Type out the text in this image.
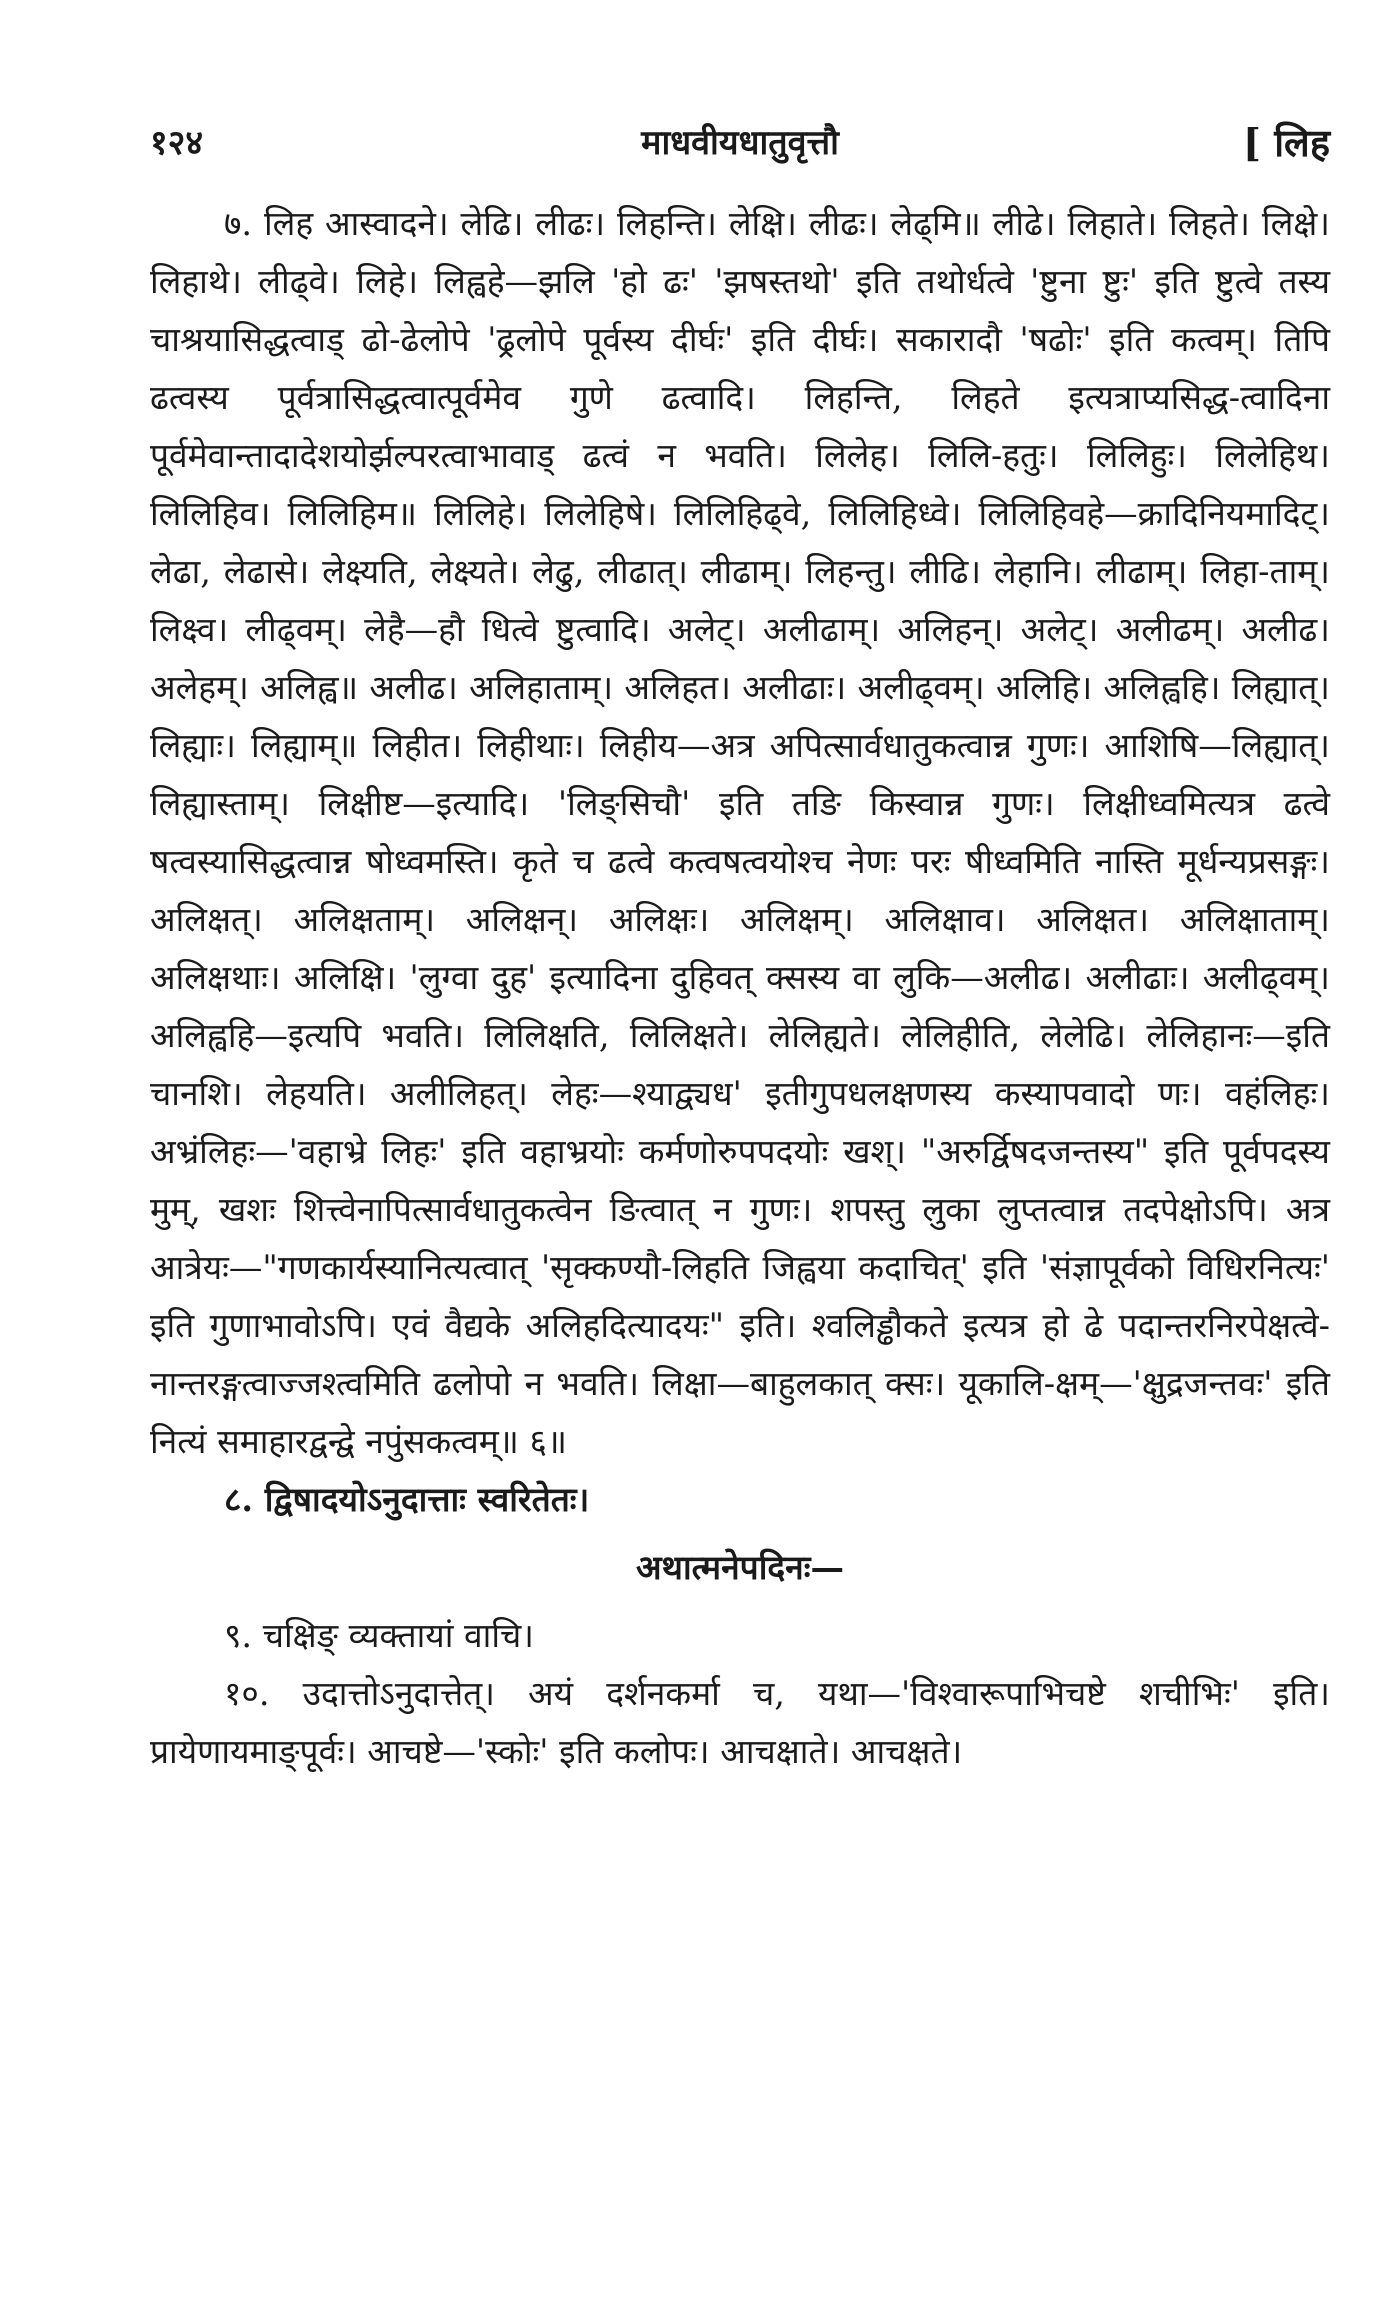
१२४	माधवीयधातुवृत्तौ	[ लिह

७. लिह आस्वादने। लेढि। लीढः। लिहन्ति। लेक्षि। लीढः। लेढ्मि॥ लीढे। लिहाते। लिहते। लिक्षे। लिहाथे। लीढ्वे। लिहे। लिह्वहे—झलि 'हो ढः' 'झषस्तथो' इति तथोर्धत्वे 'ष्टुना ष्टुः' इति ष्टुत्वे तस्य चाश्रयासिद्धत्वाड् ढो-ढेलोपे 'ढ्रलोपे पूर्वस्य दीर्घः' इति दीर्घः। सकारादौ 'षढोः' इति कत्वम्। तिपि ढत्वस्य पूर्वत्रासिद्धत्वात्पूर्वमेव गुणे ढत्वादि। लिहन्ति, लिहते इत्यत्राप्यसिद्ध-त्वादिना पूर्वमेवान्तादादेशयोर्झल्परत्वाभावाड् ढत्वं न भवति। लिलेह। लिलि-हतुः। लिलिहुः। लिलेहिथ। लिलिहिव। लिलिहिम॥ लिलिहे। लिलेहिषे। लिलिहिढ्वे, लिलिहिध्वे। लिलिहिवहे—क्रादिनियमादिट्। लेढा, लेढासे। लेक्ष्यति, लेक्ष्यते। लेढु, लीढात्। लीढाम्। लिहन्तु। लीढि। लेहानि। लीढाम्। लिहा-ताम्। लिक्ष्व। लीढ्वम्। लेहै—हौ धित्वे ष्टुत्वादि। अलेट्। अलीढाम्। अलिहन्। अलेट्। अलीढम्। अलीढ। अलेहम्। अलिह्व॥ अलीढ। अलिहाताम्। अलिहत। अलीढाः। अलीढ्वम्। अलिहि। अलिह्वहि। लिह्यात्। लिह्याः। लिह्याम्॥ लिहीत। लिहीथाः। लिहीय—अत्र अपित्सार्वधातुकत्वान्न गुणः। आशिषि—लिह्यात्। लिह्यास्ताम्। लिक्षीष्ट—इत्यादि। 'लिङ्सिचौ' इति तङि किस्वान्न गुणः। लिक्षीध्वमित्यत्र ढत्वे षत्वस्यासिद्धत्वान्न षोध्वमस्ति। कृते च ढत्वे कत्वषत्वयोश्च नेणः परः षीध्वमिति नास्ति मूर्धन्यप्रसङ्गः। अलिक्षत्। अलिक्षताम्। अलिक्षन्। अलिक्षः। अलिक्षम्। अलिक्षाव। अलिक्षत। अलिक्षाताम्। अलिक्षथाः। अलिक्षि। 'लुग्वा दुह' इत्यादिना दुहिवत् क्सस्य वा लुकि—अलीढ। अलीढाः। अलीढ्वम्। अलिह्वहि—इत्यपि भवति। लिलिक्षति, लिलिक्षते। लेलिह्यते। लेलिहीति, लेलेढि। लेलिहानः—इति चानशि। लेहयति। अलीलिहत्। लेहः—श्याद्व्यध' इतीगुपधलक्षणस्य कस्यापवादो णः। वहंलिहः। अभ्रंलिहः—'वहाभ्रे लिहः' इति वहाभ्रयोः कर्मणोरुपपदयोः खश्। "अरुर्द्विषदजन्तस्य" इति पूर्वपदस्य मुम्, खशः शित्त्वेनापित्सार्वधातुकत्वेन ङित्वात् न गुणः। शपस्तु लुका लुप्तत्वान्न तदपेक्षोऽपि। अत्र आत्रेयः—"गणकार्यस्यानित्यत्वात् 'सृक्कण्यौ-लिहति जिह्वया कदाचित्' इति 'संज्ञापूर्वको विधिरनित्यः' इति गुणाभावोऽपि। एवं वैद्यके अलिहदित्यादयः" इति। श्वलिड्ढौकते इत्यत्र हो ढे पदान्तरनिरपेक्षत्वे-नान्तरङ्गत्वाज्जश्त्वमिति ढलोपो न भवति। लिक्षा—बाहुलकात् क्सः। यूकालि-क्षम्—'क्षुद्रजन्तवः' इति नित्यं समाहारद्वन्द्वे नपुंसकत्वम्॥ ६॥

८. द्विषादयोऽनुदात्ताः स्वरितेतः।

अथात्मनेपदिनः—

९. चक्षिङ् व्यक्तायां वाचि।

१०. उदात्तोऽनुदात्तेत्। अयं दर्शनकर्मा च, यथा—'विश्वारूपाभिचष्टे शचीभिः' इति। प्रायेणायमाङ्पूर्वः। आचष्टे—'स्कोः' इति कलोपः। आचक्षाते। आचक्षते।
